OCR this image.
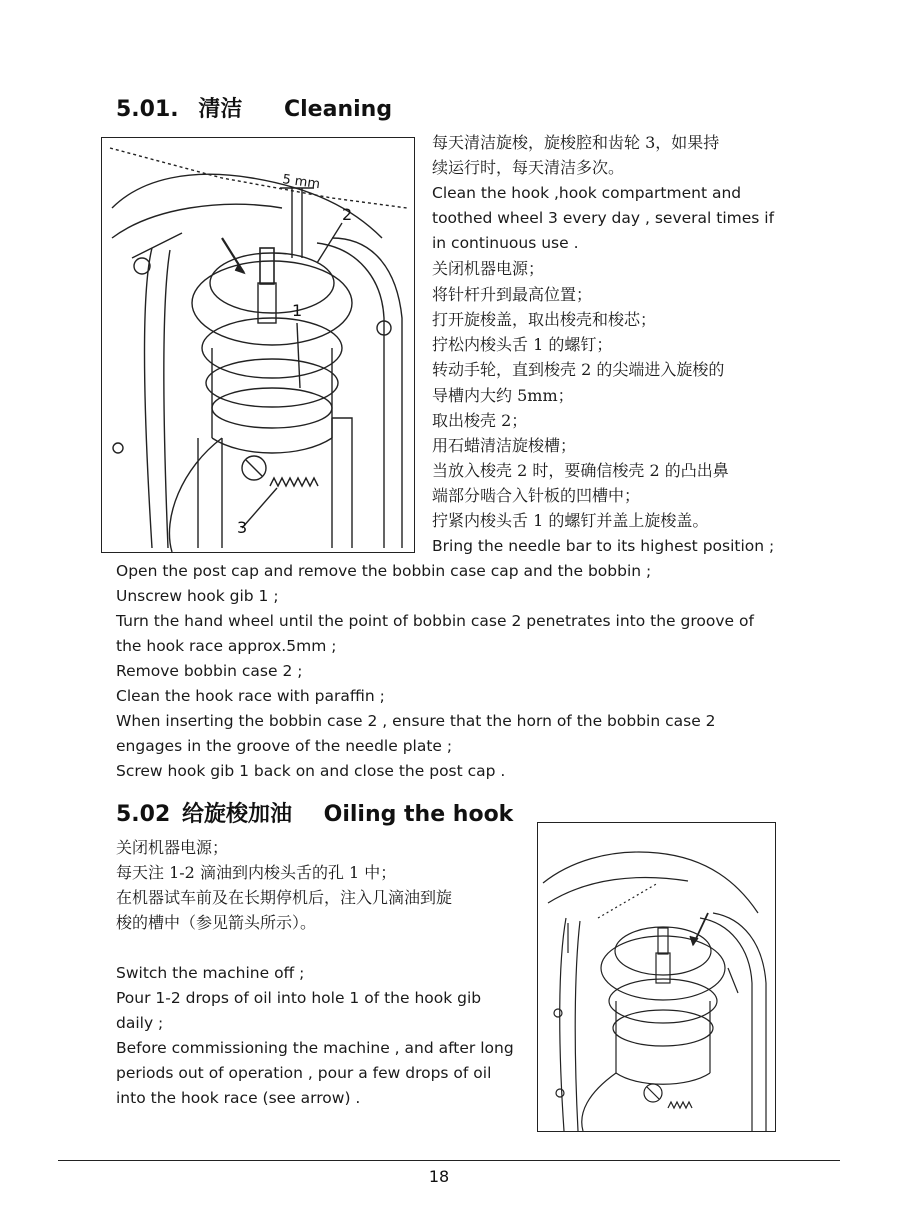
5.01. 清洁 Cleaning
5 mm
2
1
3
每天清洁旋梭，旋梭腔和齿轮 3，如果持
续运行时，每天清洁多次。
Clean the hook ,hook compartment and
toothed wheel 3 every day , several times if
in continuous use .
关闭机器电源；
将针杆升到最高位置；
打开旋梭盖，取出梭壳和梭芯；
拧松内梭头舌 1 的螺钉；
转动手轮，直到梭壳 2 的尖端进入旋梭的
导槽内大约 5mm；
取出梭壳 2；
用石蜡清洁旋梭槽；
当放入梭壳 2 时，要确信梭壳 2 的凸出鼻
端部分啮合入针板的凹槽中；
拧紧内梭头舌 1 的螺钉并盖上旋梭盖。
Bring the needle bar to its highest position ;
Open the post cap and remove the bobbin case cap and the bobbin ;
Unscrew hook gib 1 ;
Turn the hand wheel until the point of bobbin case 2 penetrates into the groove of
the hook race approx.5mm ;
Remove bobbin case 2 ;
Clean the hook race with paraffin ;
When inserting the bobbin case 2 , ensure that the horn of the bobbin case 2
engages in the groove of the needle plate ;
Screw hook gib 1 back on and close the post cap .
5.02 给旋梭加油 Oiling the hook
关闭机器电源；
每天注 1-2 滴油到内梭头舌的孔 1 中；
在机器试车前及在长期停机后，注入几滴油到旋
梭的槽中（参见箭头所示）。
Switch the machine off ;
Pour 1-2 drops of oil into hole 1 of the hook gib
daily ;
Before commissioning the machine , and after long
periods out of operation , pour a few drops of oil
into the hook race (see arrow) .
18
